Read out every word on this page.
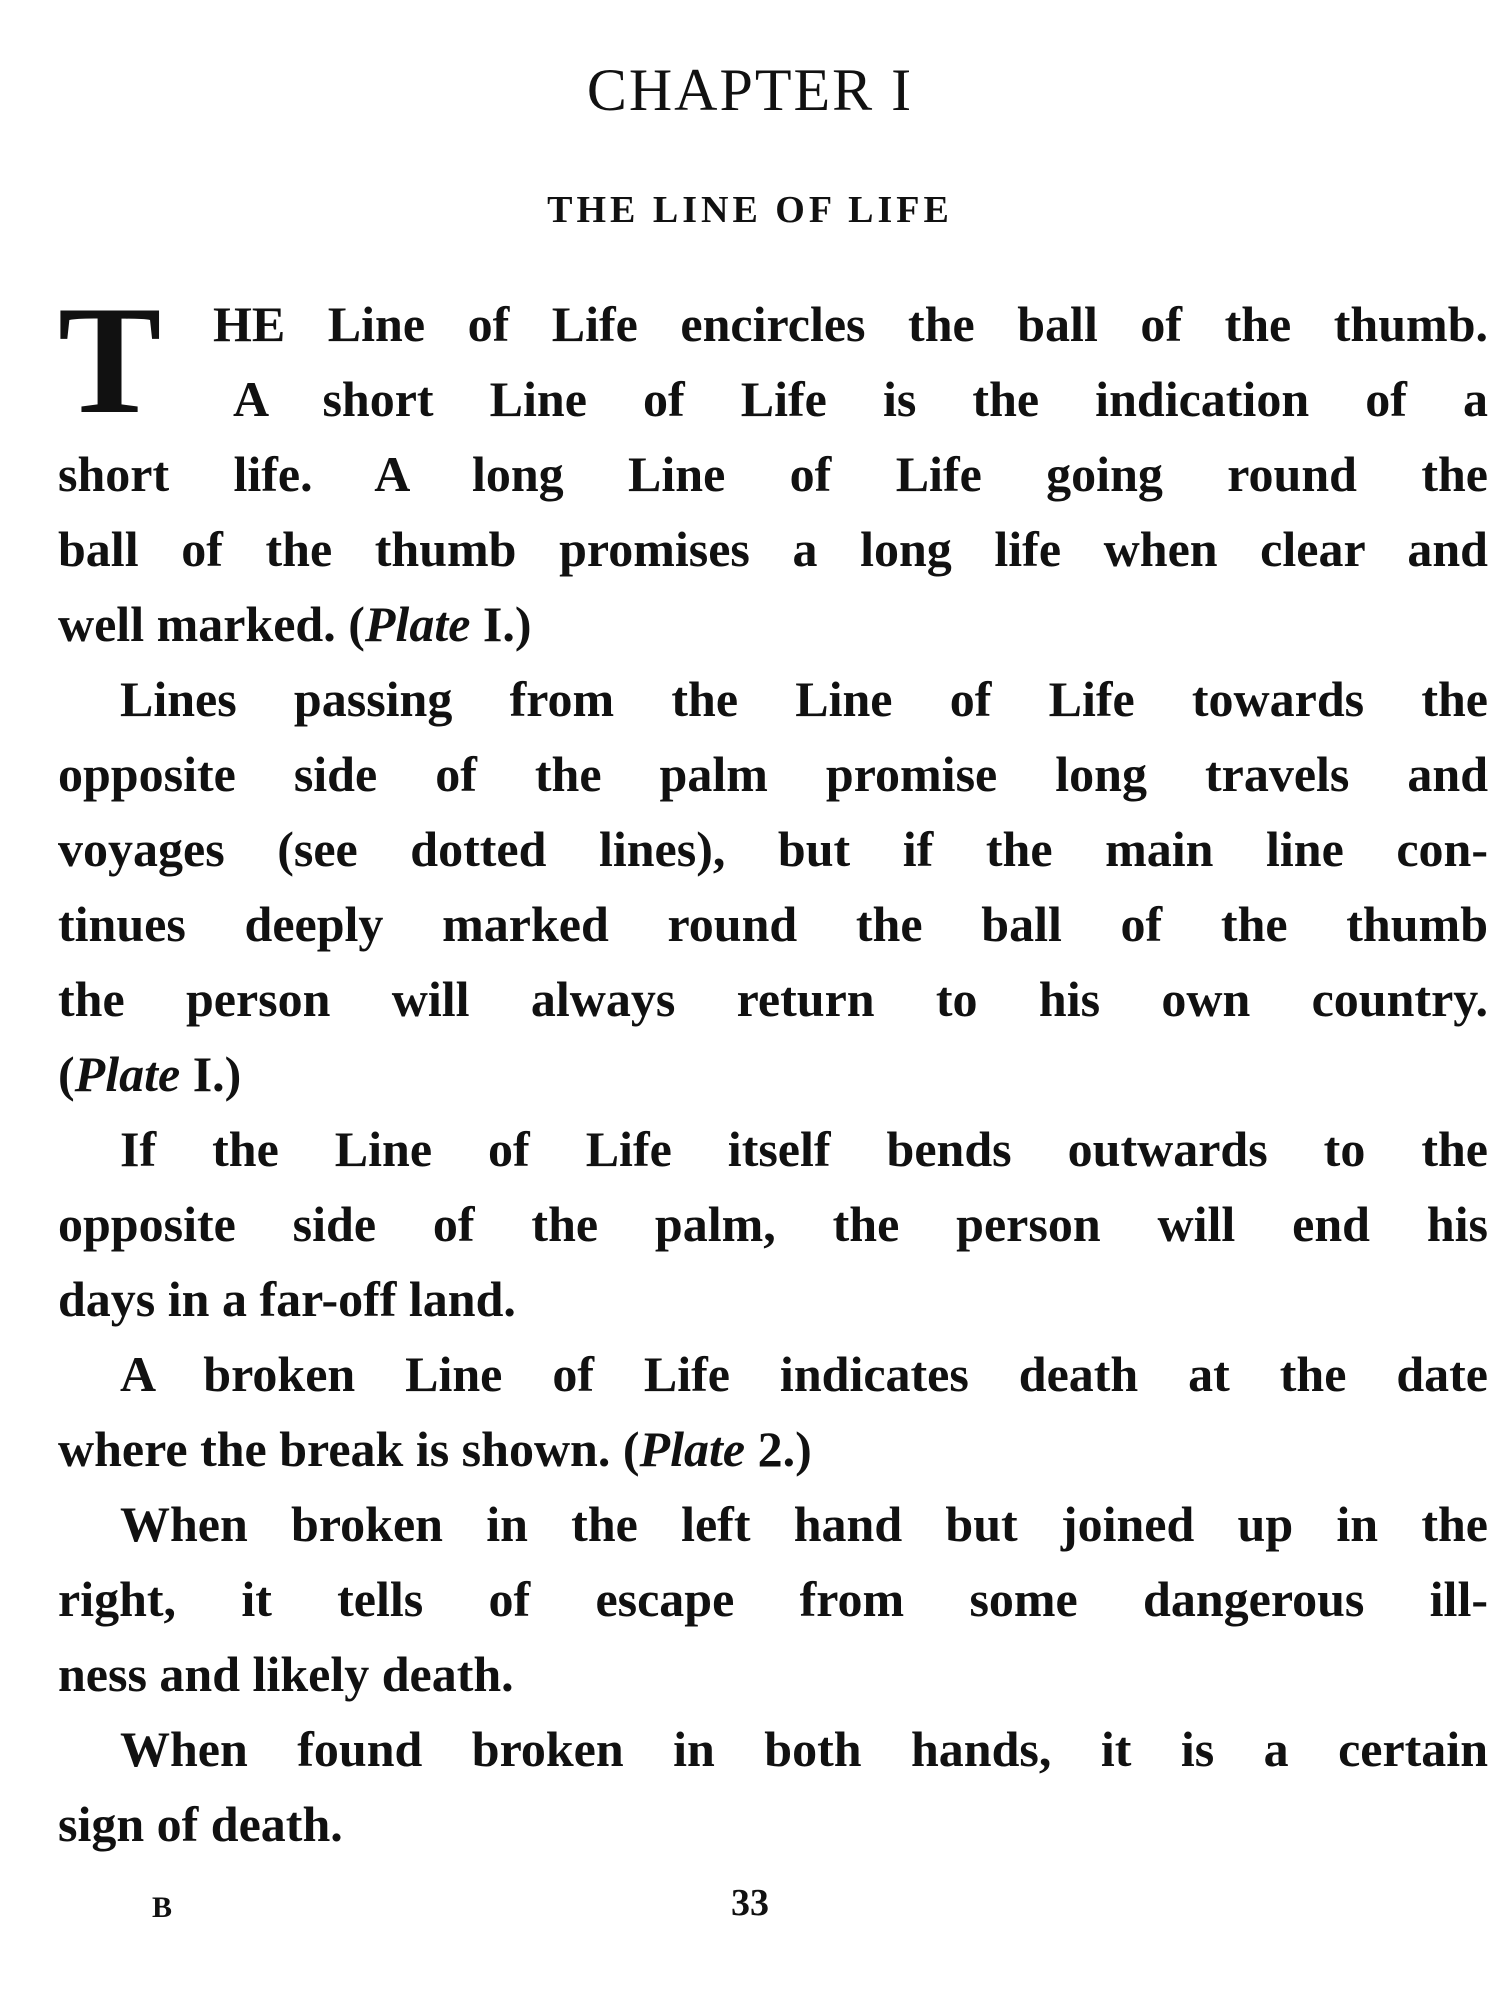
CHAPTER I
THE LINE OF LIFE
T	HE Line of Life encircles the ball of the thumb.
A short Line of Life is the indication of a
short life. A long Line of Life going round the
ball of the thumb promises a long life when clear and
well marked. (Plate I.)
Lines passing from the Line of Life towards the
opposite side of the palm promise long travels and
voyages (see dotted lines), but if the main line con-
tinues deeply marked round the ball of the thumb
the person will always return to his own country.
(Plate I.)
If the Line of Life itself bends outwards to the
opposite side of the palm, the person will end his
days in a far-off land.
A broken Line of Life indicates death at the date
where the break is shown. (Plate 2.)
When broken in the left hand but joined up in the
right, it tells of escape from some dangerous ill-
ness and likely death.
When found broken in both hands, it is a certain
sign of death.
B	33
